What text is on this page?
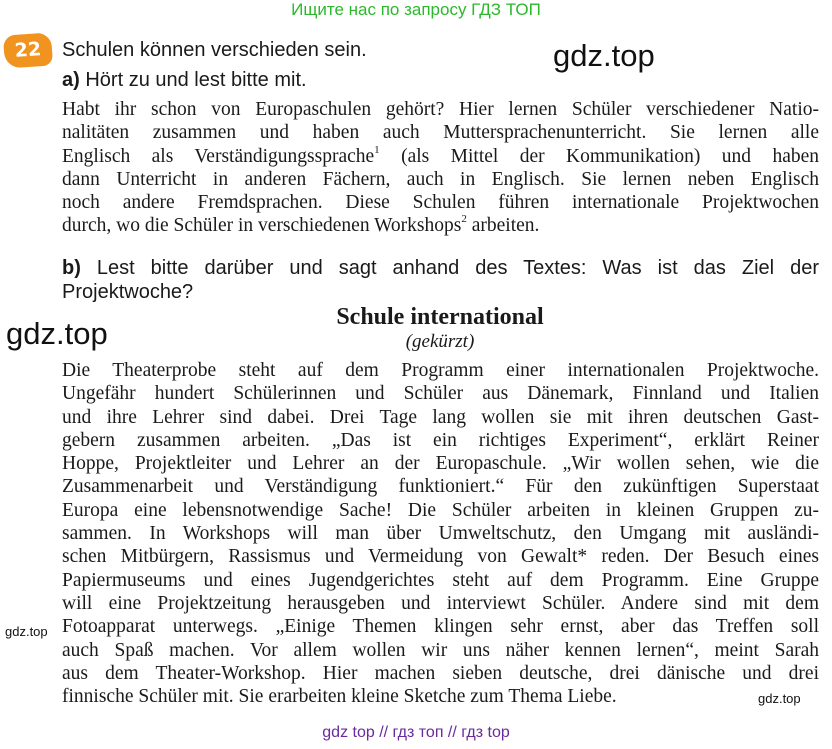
Ищите нас по запросу ГДЗ ТОП
22	Schulen können verschieden sein.	gdz.top
a) Hört zu und lest bitte mit.
Habt ihr schon von Europaschulen gehört? Hier lernen Schüler verschiedener Natio-
nalitäten zusammen und haben auch Muttersprachenunterricht. Sie lernen alle
Englisch als Verständigungssprache$^1$ (als Mittel der Kommunikation) und haben
dann Unterricht in anderen Fächern, auch in Englisch. Sie lernen neben Englisch
noch andere Fremdsprachen. Diese Schulen führen internationale Projektwochen
durch, wo die Schüler in verschiedenen Workshops$^2$ arbeiten.
b) Lest bitte darüber und sagt anhand des Textes: Was ist das Ziel der
Projektwoche?
gdz.top	Schule international
(gekürzt)
Die Theaterprobe steht auf dem Programm einer internationalen Projektwoche.
Ungefähr hundert Schülerinnen und Schüler aus Dänemark, Finnland und Italien
und ihre Lehrer sind dabei. Drei Tage lang wollen sie mit ihren deutschen Gast-
gebern zusammen arbeiten. „Das ist ein richtiges Experiment“, erklärt Reiner
Hoppe, Projektleiter und Lehrer an der Europaschule. „Wir wollen sehen, wie die
Zusammenarbeit und Verständigung funktioniert.“ Für den zukünftigen Superstaat
Europa eine lebensnotwendige Sache! Die Schüler arbeiten in kleinen Gruppen zu-
sammen. In Workshops will man über Umweltschutz, den Umgang mit ausländi-
schen Mitbürgern, Rassismus und Vermeidung von Gewalt* reden. Der Besuch eines
Papiermuseums und eines Jugendgerichtes steht auf dem Programm. Eine Gruppe
will eine Projektzeitung herausgeben und interviewt Schüler. Andere sind mit dem
Fotoapparat unterwegs. „Einige Themen klingen sehr ernst, aber das Treffen soll
auch Spaß machen. Vor allem wollen wir uns näher kennen lernen“, meint Sarah
aus dem Theater-Workshop. Hier machen sieben deutsche, drei dänische und drei
finnische Schüler mit. Sie erarbeiten kleine Sketche zum Thema Liebe.
gdz.top
gdz.top
gdz top // гдз топ // гдз top
